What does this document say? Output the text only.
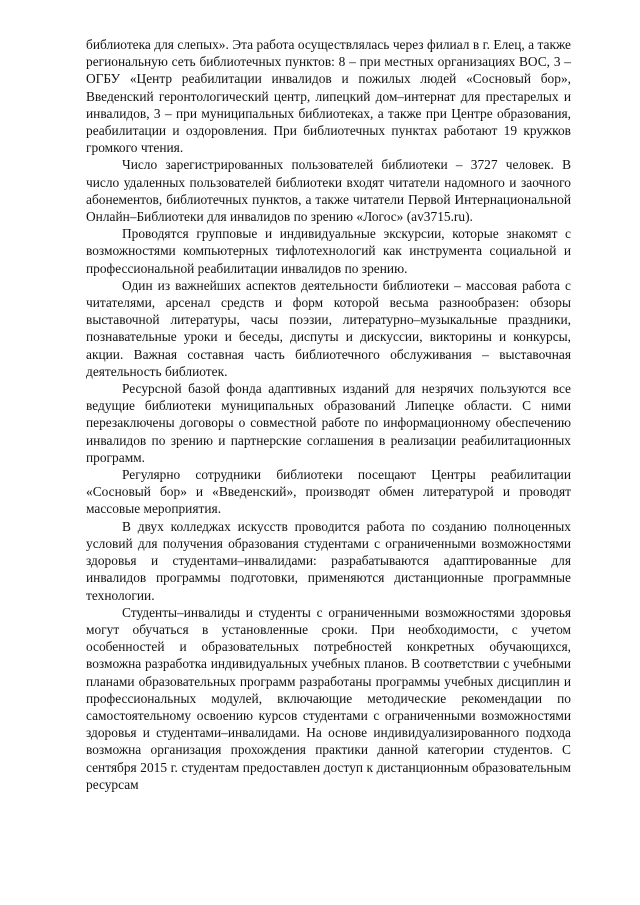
библиотека для слепых». Эта работа осуществлялась через филиал в г. Елец, а также региональную сеть библиотечных пунктов: 8 – при местных организациях ВОС, 3 – ОГБУ «Центр реабилитации инвалидов и пожилых людей «Сосновый бор», Введенский геронтологический центр, липецкий дом–интернат для престарелых и инвалидов, 3 – при муниципальных библиотеках, а также при Центре образования, реабилитации и оздоровления. При библиотечных пунктах работают 19 кружков громкого чтения.

Число зарегистрированных пользователей библиотеки – 3727 человек. В число удаленных пользователей библиотеки входят читатели надомного и заочного абонементов, библиотечных пунктов, а также читатели Первой Интернациональной Онлайн–Библиотеки для инвалидов по зрению «Логос» (av3715.ru).

Проводятся групповые и индивидуальные экскурсии, которые знакомят с возможностями компьютерных тифлотехнологий как инструмента социальной и профессиональной реабилитации инвалидов по зрению.

Один из важнейших аспектов деятельности библиотеки – массовая работа с читателями, арсенал средств и форм которой весьма разнообразен: обзоры выставочной литературы, часы поэзии, литературно–музыкальные праздники, познавательные уроки и беседы, диспуты и дискуссии, викторины и конкурсы, акции. Важная составная часть библиотечного обслуживания – выставочная деятельность библиотек.

Ресурсной базой фонда адаптивных изданий для незрячих пользуются все ведущие библиотеки муниципальных образований Липецке области. С ними перезаключены договоры о совместной работе по информационному обеспечению инвалидов по зрению и партнерские соглашения в реализации реабилитационных программ.

Регулярно сотрудники библиотеки посещают Центры реабилитации «Сосновый бор» и «Введенский», производят обмен литературой и проводят массовые мероприятия.

В двух колледжах искусств проводится работа по созданию полноценных условий для получения образования студентами с ограниченными возможностями здоровья и студентами–инвалидами: разрабатываются адаптированные для инвалидов программы подготовки, применяются дистанционные программные технологии.

Студенты–инвалиды и студенты с ограниченными возможностями здоровья могут обучаться в установленные сроки. При необходимости, с учетом особенностей и образовательных потребностей конкретных обучающихся, возможна разработка индивидуальных учебных планов. В соответствии с учебными планами образовательных программ разработаны программы учебных дисциплин и профессиональных модулей, включающие методические рекомендации по самостоятельному освоению курсов студентами с ограниченными возможностями здоровья и студентами–инвалидами. На основе индивидуализированного подхода возможна организация прохождения практики данной категории студентов. С сентября 2015 г. студентам предоставлен доступ к дистанционным образовательным ресурсам
